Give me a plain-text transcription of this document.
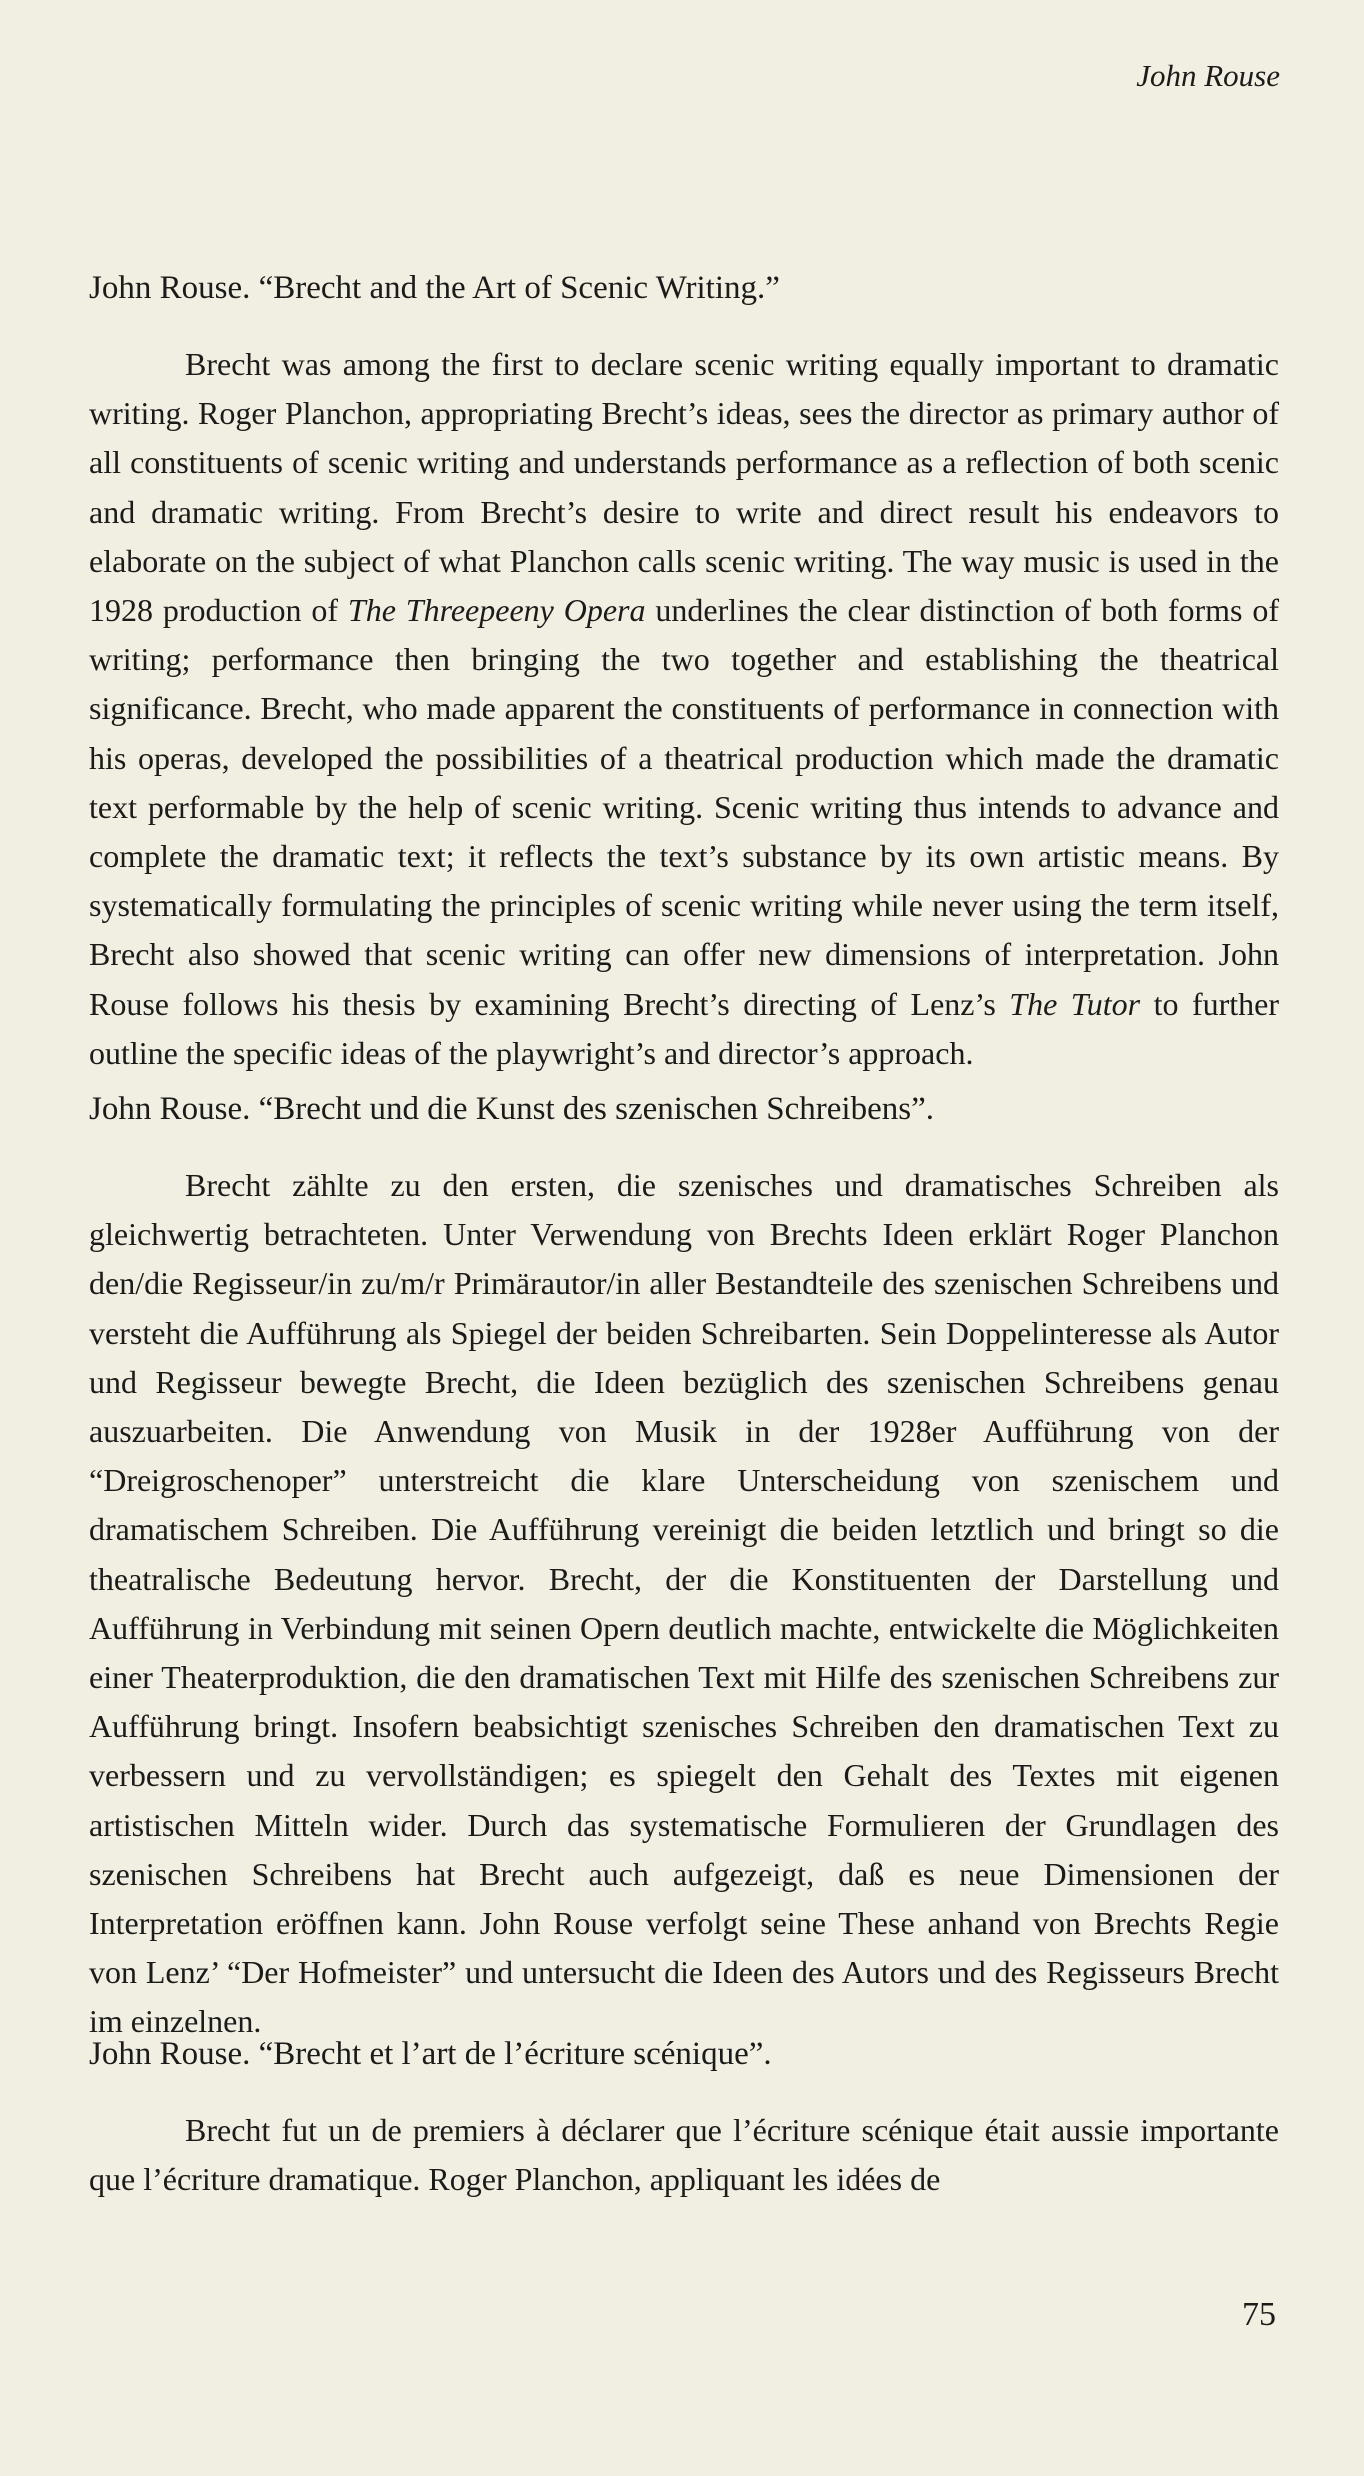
John Rouse
John Rouse. “Brecht and the Art of Scenic Writing.”
Brecht was among the first to declare scenic writing equally important to dramatic writing. Roger Planchon, appropriating Brecht’s ideas, sees the director as primary author of all constituents of scenic writing and understands performance as a reflection of both scenic and dramatic writing. From Brecht’s desire to write and direct result his endeavors to elaborate on the subject of what Planchon calls scenic writing. The way music is used in the 1928 production of The Threepeeny Opera underlines the clear distinction of both forms of writing; performance then bringing the two together and establishing the theatrical significance. Brecht, who made apparent the constituents of performance in connection with his operas, developed the possibilities of a theatrical production which made the dramatic text performable by the help of scenic writing. Scenic writing thus intends to advance and complete the dramatic text; it reflects the text’s substance by its own artistic means. By systematically formulating the principles of scenic writing while never using the term itself, Brecht also showed that scenic writing can offer new dimensions of interpretation. John Rouse follows his thesis by examining Brecht’s directing of Lenz’s The Tutor to further outline the specific ideas of the playwright’s and director’s approach.
John Rouse. “Brecht und die Kunst des szenischen Schreibens”.
Brecht zählte zu den ersten, die szenisches und dramatisches Schreiben als gleichwertig betrachteten. Unter Verwendung von Brechts Ideen erklärt Roger Planchon den/die Regisseur/in zu/m/r Primärautor/in aller Bestandteile des szenischen Schreibens und versteht die Aufführung als Spiegel der beiden Schreibarten. Sein Doppelinteresse als Autor und Regisseur bewegte Brecht, die Ideen bezüglich des szenischen Schreibens genau auszuarbeiten. Die Anwendung von Musik in der 1928er Aufführung von der “Dreigroschenoper” unterstreicht die klare Unterscheidung von szenischem und dramatischem Schreiben. Die Aufführung vereinigt die beiden letztlich und bringt so die theatralische Bedeutung hervor. Brecht, der die Konstituenten der Darstellung und Aufführung in Verbindung mit seinen Opern deutlich machte, entwickelte die Möglichkeiten einer Theaterproduktion, die den dramatischen Text mit Hilfe des szenischen Schreibens zur Aufführung bringt. Insofern beabsichtigt szenisches Schreiben den dramatischen Text zu verbessern und zu vervollständigen; es spiegelt den Gehalt des Textes mit eigenen artistischen Mitteln wider. Durch das systematische Formulieren der Grundlagen des szenischen Schreibens hat Brecht auch aufgezeigt, daß es neue Dimensionen der Interpretation eröffnen kann. John Rouse verfolgt seine These anhand von Brechts Regie von Lenz’ “Der Hofmeister” und untersucht die Ideen des Autors und des Regisseurs Brecht im einzelnen.
John Rouse. “Brecht et l’art de l’écriture scénique”.
Brecht fut un de premiers à déclarer que l’écriture scénique était aussie importante que l’écriture dramatique. Roger Planchon, appliquant les idées de
75
